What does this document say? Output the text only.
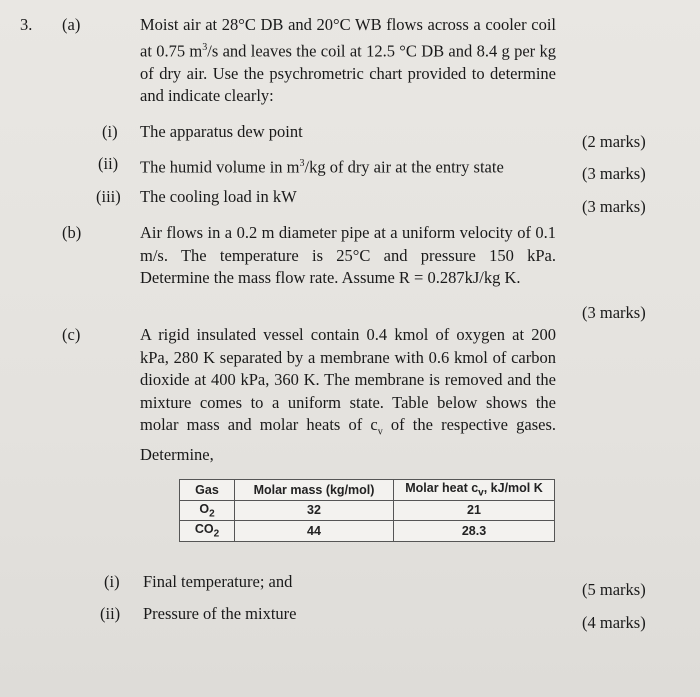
3. (a)	Moist air at 28°C DB and 20°C WB flows across a cooler coil at 0.75 $m^3/s$ and leaves the coil at 12.5 °C DB and 8.4 g per kg of dry air. Use the psychrometric chart provided to determine and indicate clearly:
(i) The apparatus dew point
(2 marks)
(ii) The humid volume in $m^3/kg$ of dry air at the entry state	(3 marks)
(iii) The cooling load in kW
(3 marks)
(b)	Air flows in a 0.2 m diameter pipe at a uniform velocity of 0.1 m/s. The temperature is 25°C and pressure 150 kPa. Determine the mass flow rate. Assume R = 0.287kJ/kg K.
(3 marks)
(c)	A rigid insulated vessel contain 0.4 kmol of oxygen at 200 kPa, 280 K separated by a membrane with 0.6 kmol of carbon dioxide at 400 kPa, 360 K. The membrane is removed and the mixture comes to a uniform state. Table below shows the molar mass and molar heats of $c_v$ of the respective gases. Determine,
Gas	Molar mass (kg/mol)	Molar heat $c_v$, kJ/mol K
$O_2$	32	21
$CO_2$	44	28.3
(i) Final temperature; and	(5 marks)
(ii) Pressure of the mixture	(4 marks)
